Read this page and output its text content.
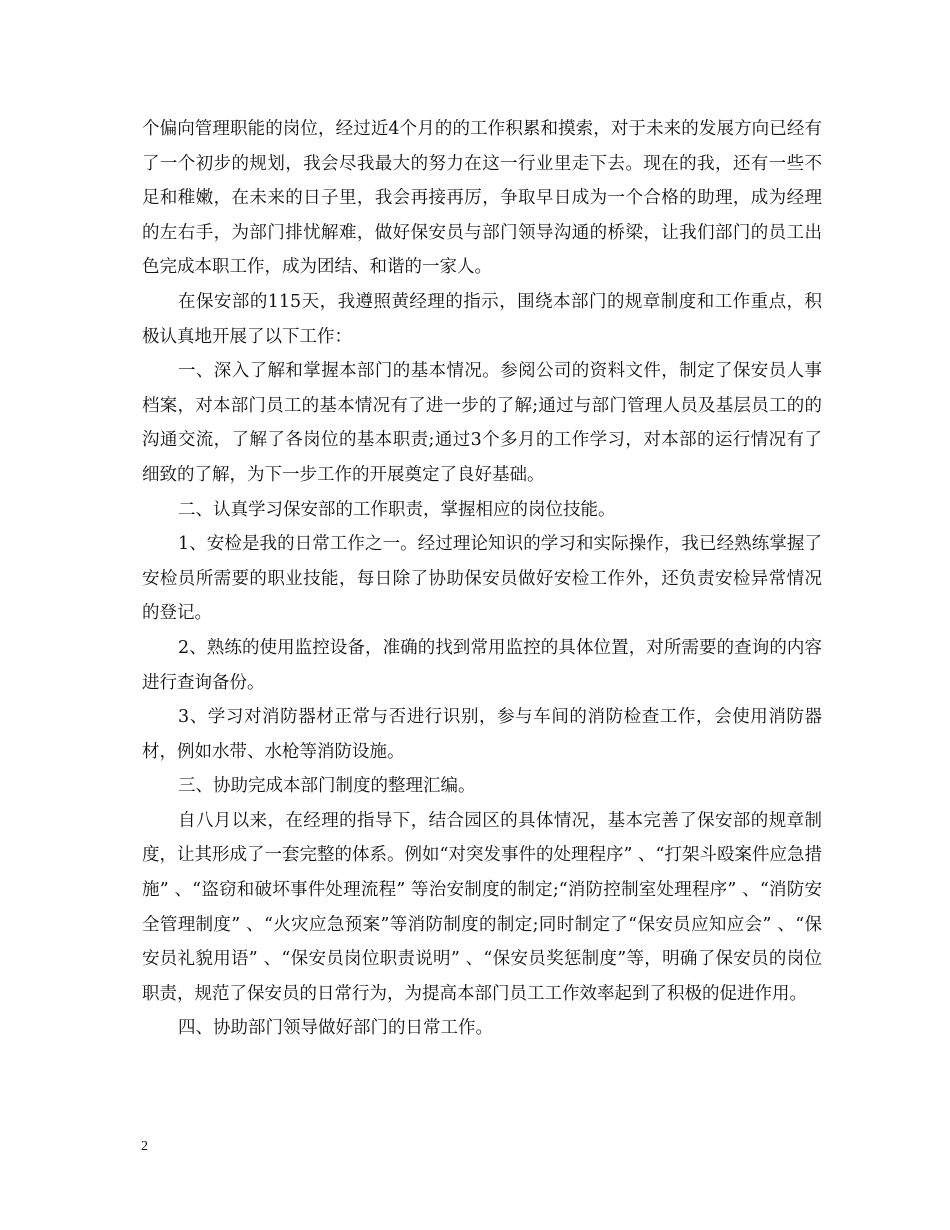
个偏向管理职能的岗位，经过近4个月的的工作积累和摸索，对于未来的发展方向已经有了一个初步的规划，我会尽我最大的努力在这一行业里走下去。现在的我，还有一些不足和稚嫩，在未来的日子里，我会再接再厉，争取早日成为一个合格的助理，成为经理的左右手，为部门排忧解难，做好保安员与部门领导沟通的桥梁，让我们部门的员工出色完成本职工作，成为团结、和谐的一家人。

在保安部的115天，我遵照黄经理的指示，围绕本部门的规章制度和工作重点，积极认真地开展了以下工作：

一、深入了解和掌握本部门的基本情况。参阅公司的资料文件，制定了保安员人事档案，对本部门员工的基本情况有了进一步的了解;通过与部门管理人员及基层员工的的沟通交流，了解了各岗位的基本职责;通过3个多月的工作学习，对本部的运行情况有了细致的了解，为下一步工作的开展奠定了良好基础。

二、认真学习保安部的工作职责，掌握相应的岗位技能。

1、安检是我的日常工作之一。经过理论知识的学习和实际操作，我已经熟练掌握了安检员所需要的职业技能，每日除了协助保安员做好安检工作外，还负责安检异常情况的登记。

2、熟练的使用监控设备，准确的找到常用监控的具体位置，对所需要的查询的内容进行查询备份。

3、学习对消防器材正常与否进行识别，参与车间的消防检查工作，会使用消防器材，例如水带、水枪等消防设施。

三、协助完成本部门制度的整理汇编。

自八月以来，在经理的指导下，结合园区的具体情况，基本完善了保安部的规章制度，让其形成了一套完整的体系。例如“对突发事件的处理程序” 、“打架斗殴案件应急措施” 、“盗窃和破坏事件处理流程” 等治安制度的制定;“消防控制室处理程序” 、“消防安全管理制度” 、“火灾应急预案”等消防制度的制定;同时制定了“保安员应知应会” 、“保安员礼貌用语” 、“保安员岗位职责说明” 、“保安员奖惩制度”等，明确了保安员的岗位职责，规范了保安员的日常行为，为提高本部门员工工作效率起到了积极的促进作用。

四、协助部门领导做好部门的日常工作。

2
